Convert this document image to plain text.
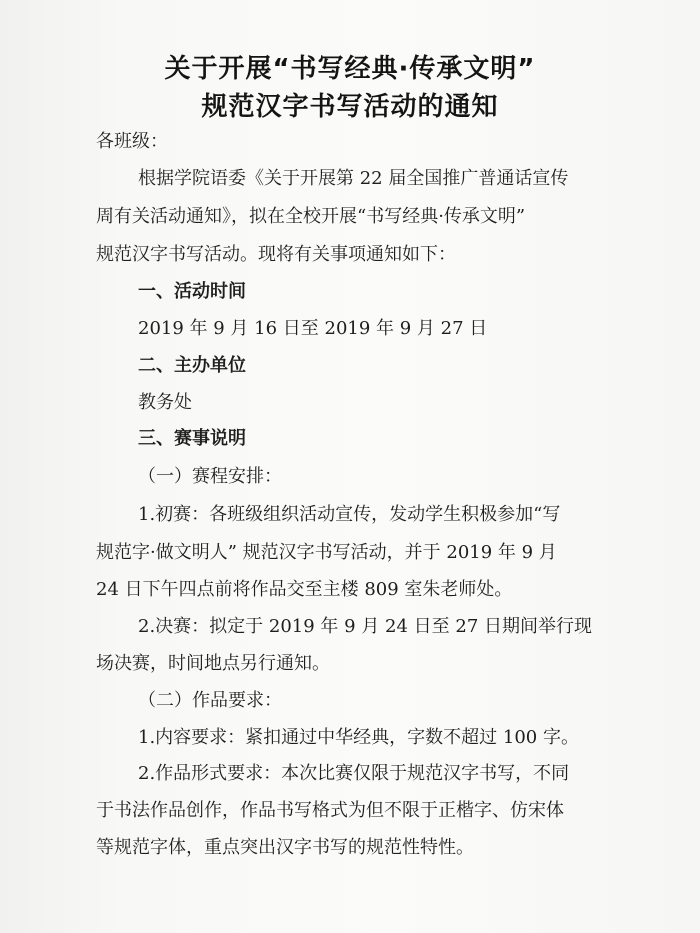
关于开展“书写经典·传承文明”
规范汉字书写活动的通知
各班级：
根据学院语委《关于开展第 22 届全国推广普通话宣传
周有关活动通知》，拟在全校开展“书写经典·传承文明”
规范汉字书写活动。现将有关事项通知如下：
一、活动时间
2019 年 9 月 16 日至 2019 年 9 月 27 日
二、主办单位
教务处
三、赛事说明
（一）赛程安排：
1.初赛：各班级组织活动宣传，发动学生积极参加“写
规范字·做文明人” 规范汉字书写活动，并于 2019 年 9 月
24 日下午四点前将作品交至主楼 809 室朱老师处。
2.决赛：拟定于 2019 年 9 月 24 日至 27 日期间举行现
场决赛，时间地点另行通知。
（二）作品要求：
1.内容要求：紧扣通过中华经典，字数不超过 100 字。
2.作品形式要求：本次比赛仅限于规范汉字书写，不同
于书法作品创作，作品书写格式为但不限于正楷字、仿宋体
等规范字体，重点突出汉字书写的规范性特性。
